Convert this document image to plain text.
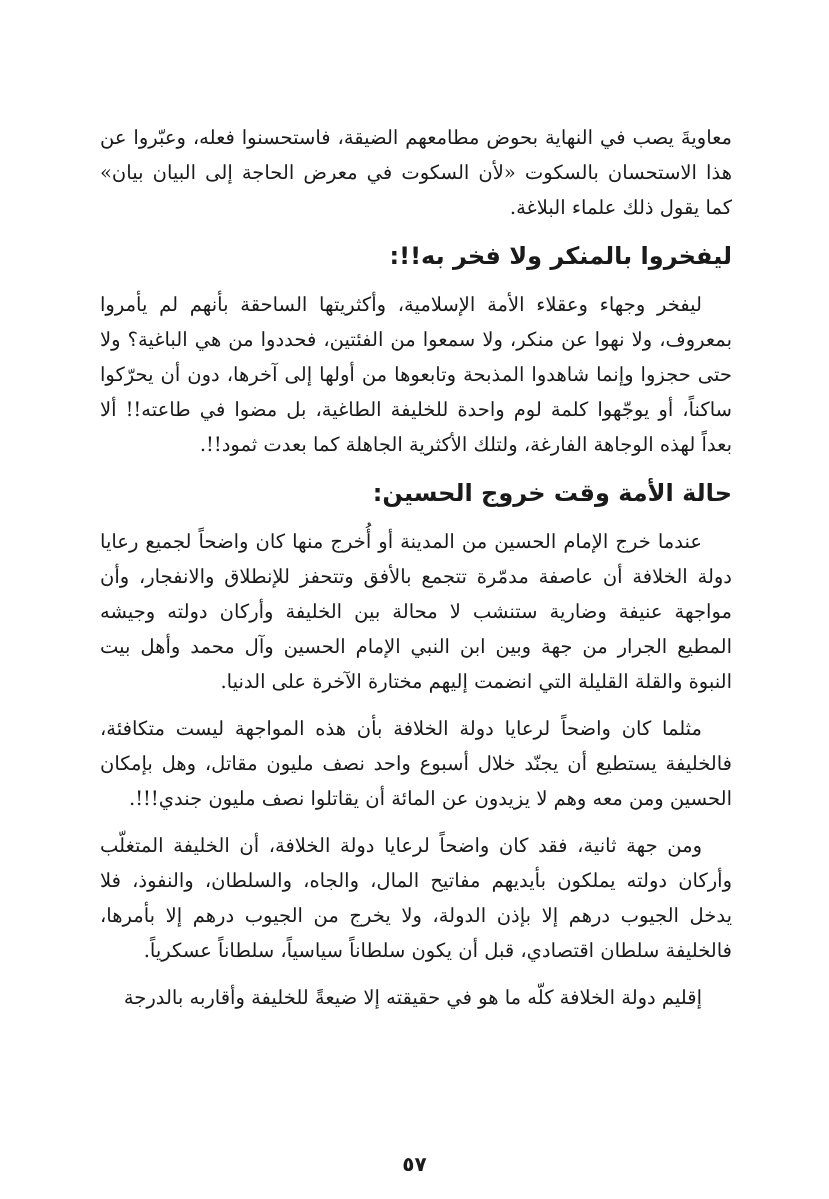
معاويةَ يصب في النهاية بحوض مطامعهم الضيقة، فاستحسنوا فعله، وعبّروا عن هذا الاستحسان بالسكوت «لأن السكوت في معرض الحاجة إلى البيان بيان» كما يقول ذلك علماء البلاغة.

ليفخروا بالمنكر ولا فخر به!!:

ليفخر وجهاء وعقلاء الأمة الإسلامية، وأكثريتها الساحقة بأنهم لم يأمروا بمعروف، ولا نهوا عن منكر، ولا سمعوا من الفئتين، فحددوا من هي الباغية؟ ولا حتى حجزوا وإنما شاهدوا المذبحة وتابعوها من أولها إلى آخرها، دون أن يحرّكوا ساكناً، أو يوجّهوا كلمة لوم واحدة للخليفة الطاغية، بل مضوا في طاعته!! ألا بعداً لهذه الوجاهة الفارغة، ولتلك الأكثرية الجاهلة كما بعدت ثمود!!.

حالة الأمة وقت خروج الحسين:

عندما خرج الإمام الحسين من المدينة أو أُخرج منها كان واضحاً لجميع رعايا دولة الخلافة أن عاصفة مدمّرة تتجمع بالأفق وتتحفز للإنطلاق والانفجار، وأن مواجهة عنيفة وضارية ستنشب لا محالة بين الخليفة وأركان دولته وجيشه المطيع الجرار من جهة وبين ابن النبي الإمام الحسين وآل محمد وأهل بيت النبوة والقلة القليلة التي انضمت إليهم مختارة الآخرة على الدنيا.

مثلما كان واضحاً لرعايا دولة الخلافة بأن هذه المواجهة ليست متكافئة، فالخليفة يستطيع أن يجنّد خلال أسبوع واحد نصف مليون مقاتل، وهل بإمكان الحسين ومن معه وهم لا يزيدون عن المائة أن يقاتلوا نصف مليون جندي!!!.

ومن جهة ثانية، فقد كان واضحاً لرعايا دولة الخلافة، أن الخليفة المتغلّب وأركان دولته يملكون بأيديهم مفاتيح المال، والجاه، والسلطان، والنفوذ، فلا يدخل الجيوب درهم إلا بإذن الدولة، ولا يخرج من الجيوب درهم إلا بأمرها، فالخليفة سلطان اقتصادي، قبل أن يكون سلطاناً سياسياً، سلطاناً عسكرياً.

إقليم دولة الخلافة كلّه ما هو في حقيقته إلا ضيعةً للخليفة وأقاربه بالدرجة

٥٧
